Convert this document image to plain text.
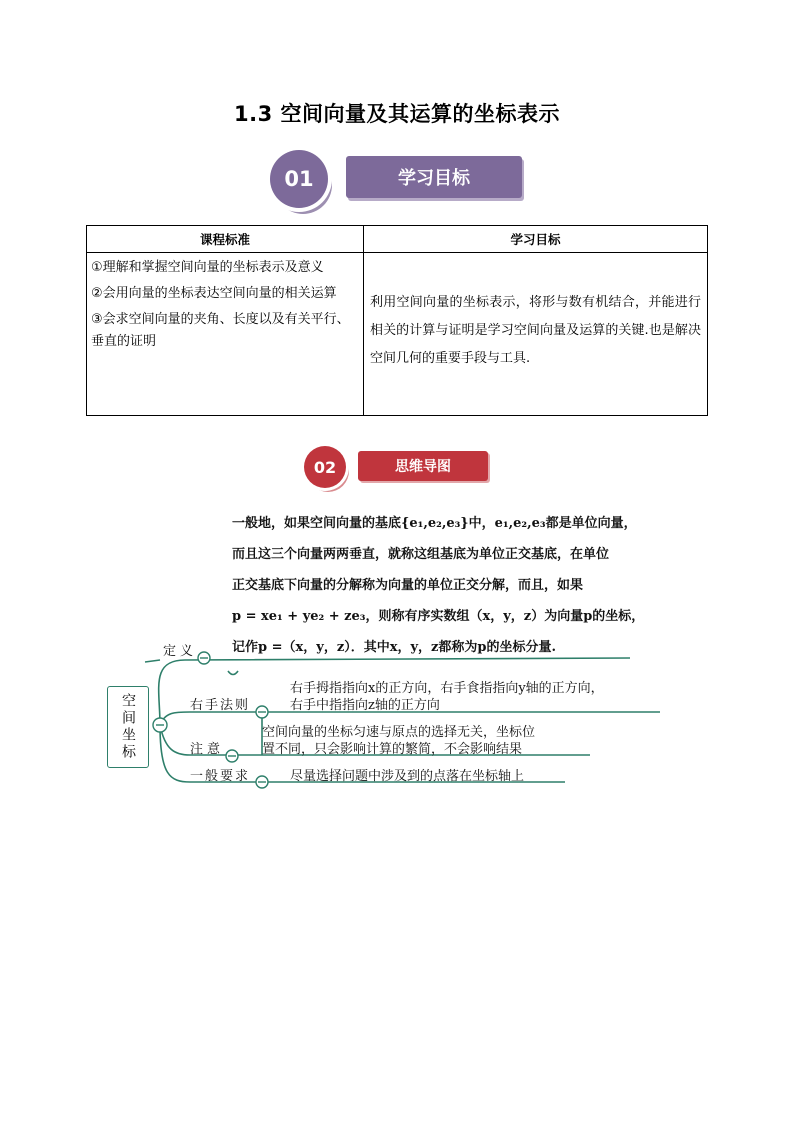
1.3 空间向量及其运算的坐标表示
学习目标
01
课程标准	学习目标

①理解和掌握空间向量的坐标表示及意义
②会用向量的坐标表达空间向量的相关运算
③会求空间向量的夹角、长度以及有关平行、垂直的证明	利用空间向量的坐标表示，将形与数有机结合，并能进行相关的计算与证明是学习空间向量及运算的关键.也是解决空间几何的重要手段与工具.
思维导图
02
一般地，如果空间向量的基底{e₁,e₂,e₃}中，e₁,e₂,e₃都是单位向量，
而且这三个向量两两垂直，就称这组基底为单位正交基底，在单位
正交基底下向量的分解称为向量的单位正交分解，而且，如果
p = xe₁ + ye₂ + ze₃，则称有序实数组（x，y，z）为向量p的坐标，
记作p =（x，y，z）．其中x，y，z都称为p的坐标分量.
空间坐标
定义
右手法则
注意
一般要求
右手拇指指向x的正方向，右手食指指向y轴的正方向，
右手中指指向z轴的正方向
空间向量的坐标匀速与原点的选择无关，坐标位
置不同，只会影响计算的繁简，不会影响结果
尽量选择问题中涉及到的点落在坐标轴上
